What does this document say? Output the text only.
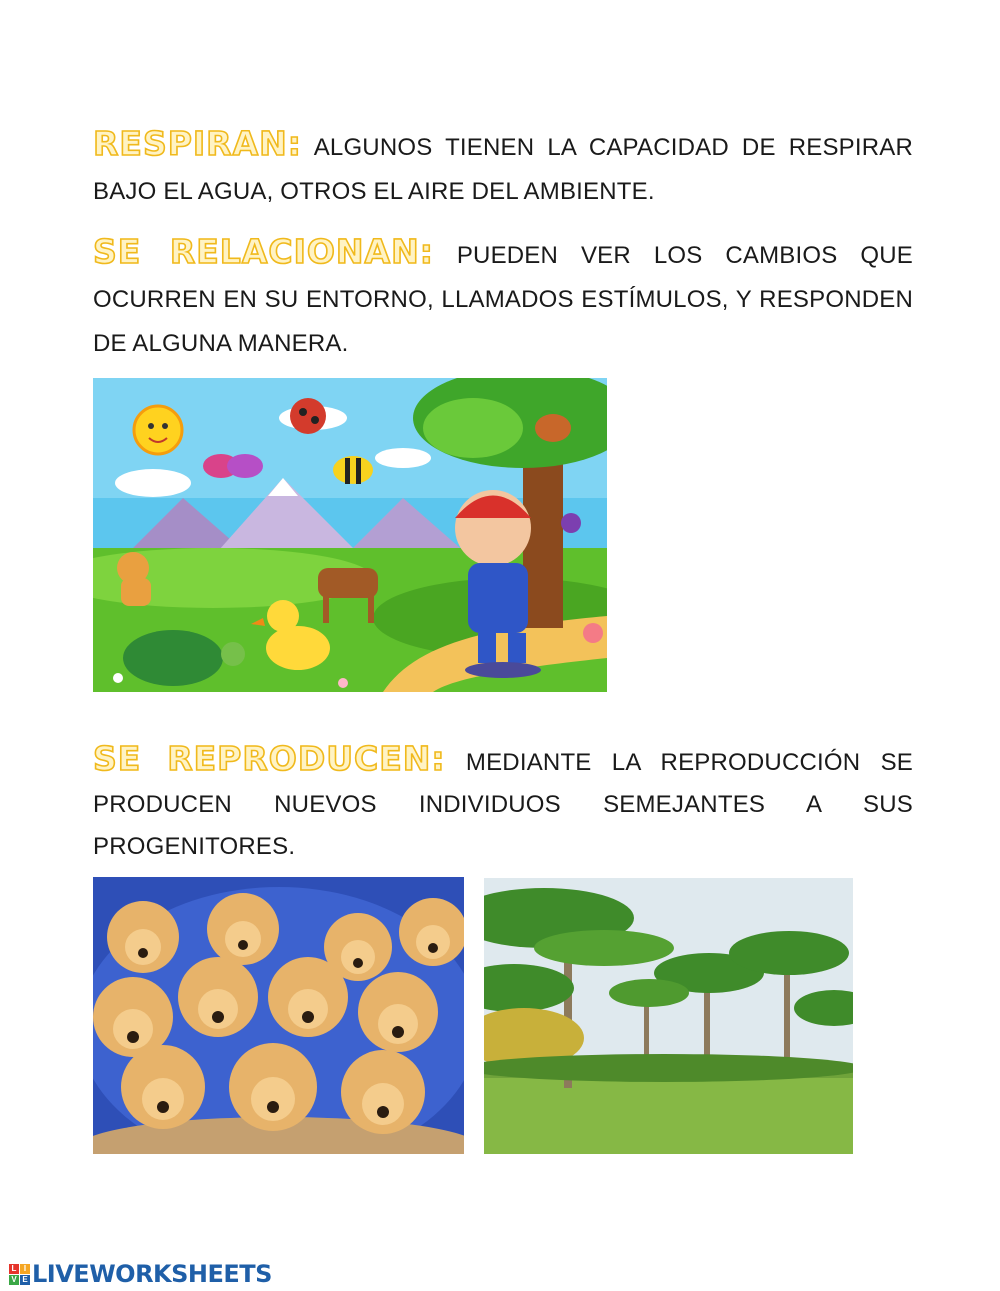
RESPIRAN: ALGUNOS TIENEN LA CAPACIDAD DE RESPIRAR BAJO EL AGUA, OTROS EL AIRE DEL AMBIENTE.
SE RELACIONAN: PUEDEN VER LOS CAMBIOS QUE OCURREN EN SU ENTORNO, LLAMADOS ESTÍMULOS, Y RESPONDEN DE ALGUNA MANERA.
SE REPRODUCEN: MEDIANTE LA REPRODUCCIÓN SE PRODUCEN NUEVOS INDIVIDUOS SEMEJANTES A SUS PROGENITORES.
L I
V E LIVEWORKSHEETS
